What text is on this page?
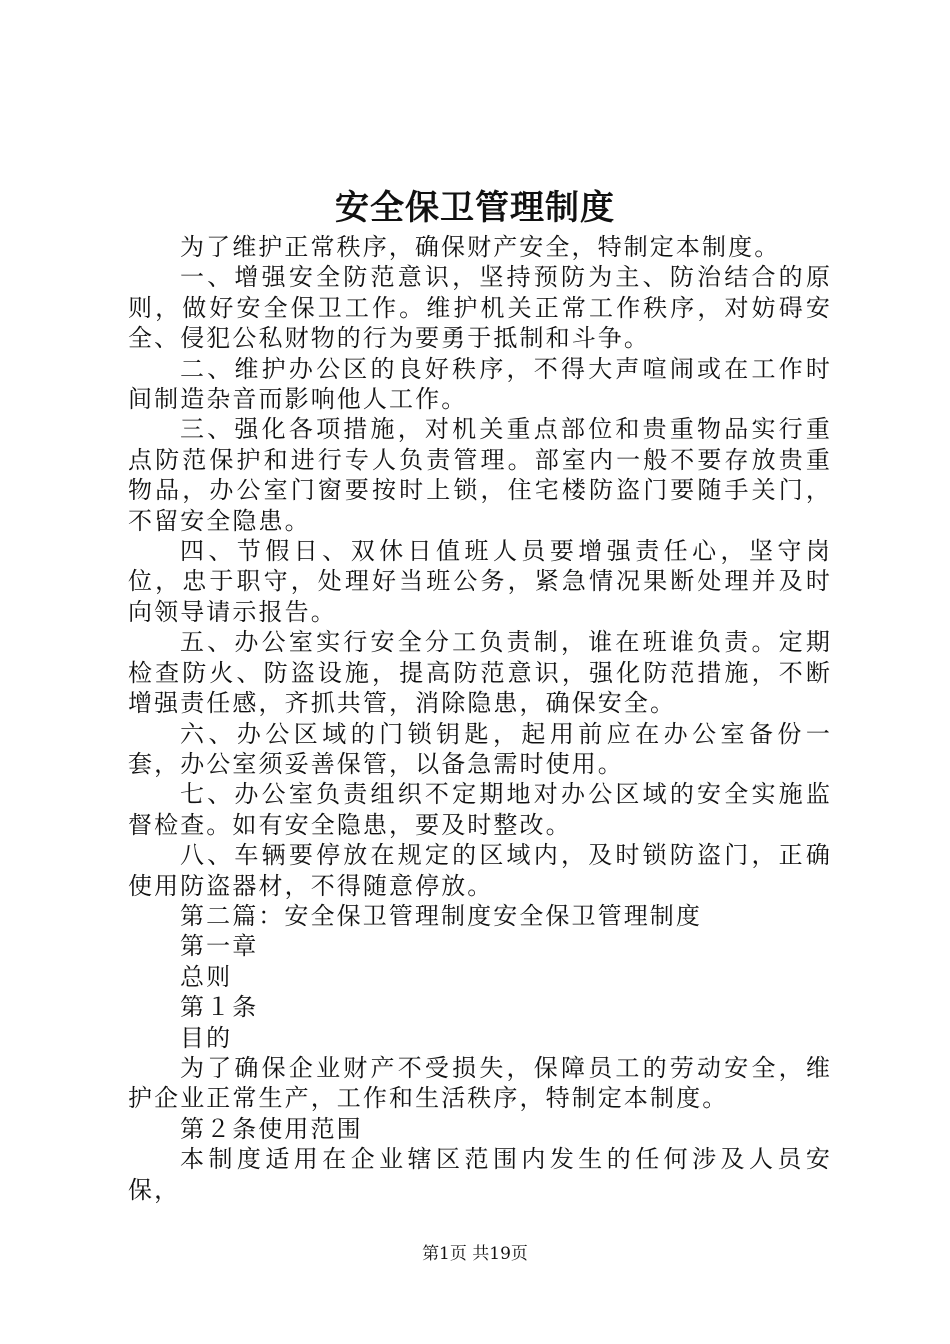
安全保卫管理制度

为了维护正常秩序，确保财产安全，特制定本制度。

一、增强安全防范意识，坚持预防为主、防治结合的原则，做好安全保卫工作。维护机关正常工作秩序，对妨碍安全、侵犯公私财物的行为要勇于抵制和斗争。

二、维护办公区的良好秩序，不得大声喧闹或在工作时间制造杂音而影响他人工作。

三、强化各项措施，对机关重点部位和贵重物品实行重点防范保护和进行专人负责管理。部室内一般不要存放贵重物品，办公室门窗要按时上锁，住宅楼防盗门要随手关门，不留安全隐患。

四、节假日、双休日值班人员要增强责任心，坚守岗位，忠于职守，处理好当班公务，紧急情况果断处理并及时向领导请示报告。

五、办公室实行安全分工负责制，谁在班谁负责。定期检查防火、防盗设施，提高防范意识，强化防范措施，不断增强责任感，齐抓共管，消除隐患，确保安全。

六、办公区域的门锁钥匙，起用前应在办公室备份一套，办公室须妥善保管，以备急需时使用。

七、办公室负责组织不定期地对办公区域的安全实施监督检查。如有安全隐患，要及时整改。

八、车辆要停放在规定的区域内，及时锁防盗门，正确使用防盗器材，不得随意停放。

第二篇：安全保卫管理制度安全保卫管理制度

第一章

总则

第１条

目的

为了确保企业财产不受损失，保障员工的劳动安全，维护企业正常生产，工作和生活秩序，特制定本制度。

第２条使用范围

本制度适用在企业辖区范围内发生的任何涉及人员安保，

第1页 共19页
